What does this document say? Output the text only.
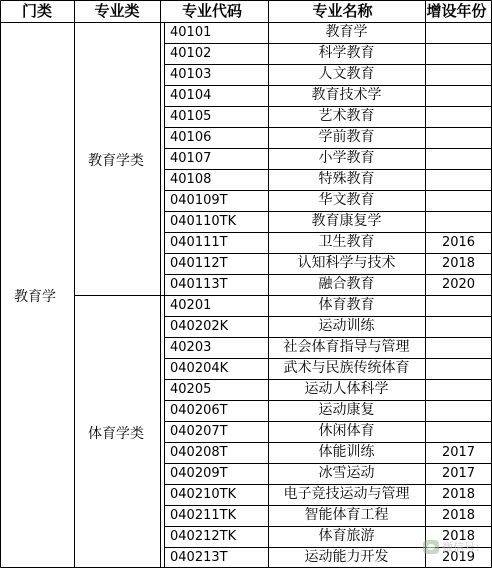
门类	专业类	专业代码	专业名称	增设年份
教育学
教育学类
体育学类
40101	教育学
40102	科学教育
40103	人文教育
40104	教育技术学
40105	艺术教育
40106	学前教育
40107	小学教育
40108	特殊教育
040109T	华文教育
040110TK	教育康复学
040111T	卫生教育	2016
040112T	认知科学与技术	2018
040113T	融合教育	2020
40201	体育教育
040202K	运动训练
40203	社会体育指导与管理
040204K	武术与民族传统体育
40205	运动人体科学
040206T	运动康复
040207T	休闲体育
040208T	体能训练	2017
040209T	冰雪运动	2017
040210TK	电子竞技运动与管理	2018
040211TK	智能体育工程	2018
040212TK	体育旅游	2018
040213T	运动能力开发	2019
微信号：
